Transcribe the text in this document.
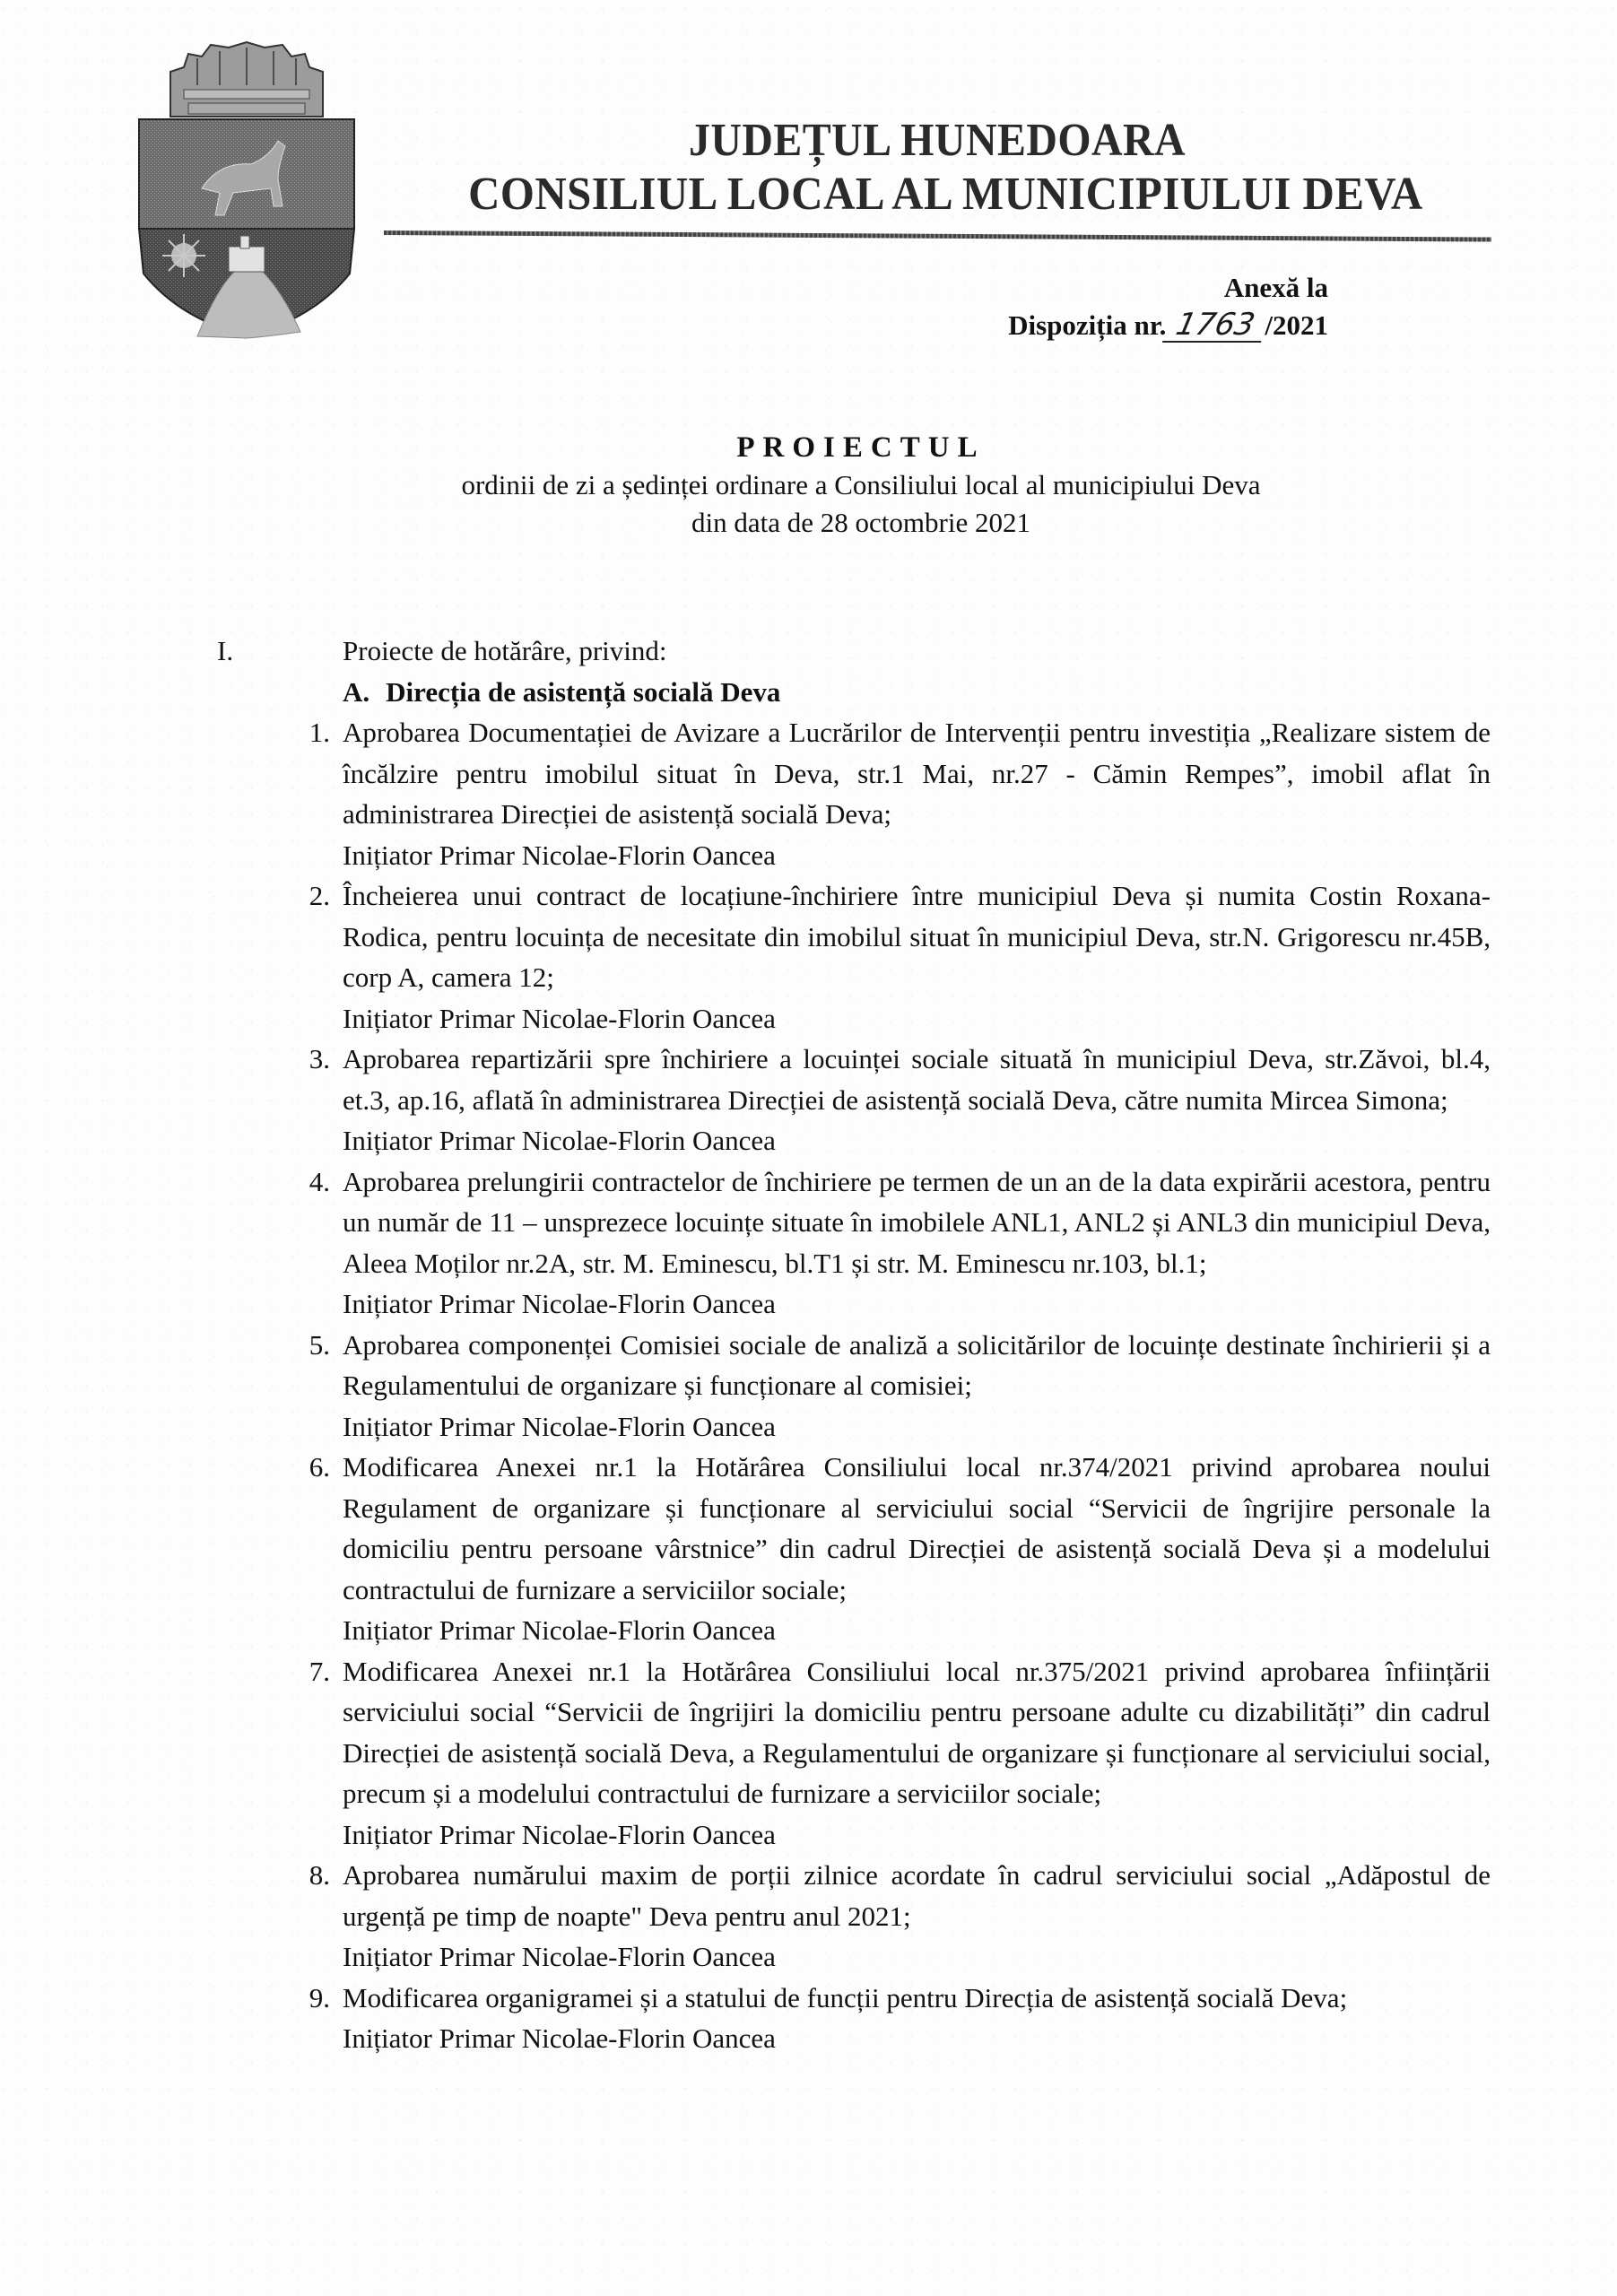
JUDEȚUL HUNEDOARA
CONSILIUL LOCAL AL MUNICIPIULUI DEVA
Anexă la
Dispoziția nr. 1763 /2021
PROIECTUL
ordinii de zi a ședinței ordinare a Consiliului local al municipiului Deva
din data de 28 octombrie 2021
I.	Proiecte de hotărâre, privind:
A. Direcția de asistență socială Deva
1. Aprobarea Documentației de Avizare a Lucrărilor de Intervenții pentru investiția „Realizare sistem de încălzire pentru imobilul situat în Deva, str.1 Mai, nr.27 - Cămin Rempes”, imobil aflat în administrarea Direcției de asistență socială Deva;
Inițiator Primar Nicolae-Florin Oancea
2. Încheierea unui contract de locațiune-închiriere între municipiul Deva și numita Costin Roxana-Rodica, pentru locuința de necesitate din imobilul situat în municipiul Deva, str.N. Grigorescu nr.45B, corp A, camera 12;
Inițiator Primar Nicolae-Florin Oancea
3. Aprobarea repartizării spre închiriere a locuinței sociale situată în municipiul Deva, str.Zăvoi, bl.4, et.3, ap.16, aflată în administrarea Direcției de asistență socială Deva, către numita Mircea Simona;
Inițiator Primar Nicolae-Florin Oancea
4. Aprobarea prelungirii contractelor de închiriere pe termen de un an de la data expirării acestora, pentru un număr de 11 – unsprezece locuințe situate în imobilele ANL1, ANL2 și ANL3 din municipiul Deva, Aleea Moților nr.2A, str. M. Eminescu, bl.T1 și str. M. Eminescu nr.103, bl.1;
Inițiator Primar Nicolae-Florin Oancea
5. Aprobarea componenței Comisiei sociale de analiză a solicitărilor de locuințe destinate închirierii și a Regulamentului de organizare și funcționare al comisiei;
Inițiator Primar Nicolae-Florin Oancea
6. Modificarea Anexei nr.1 la Hotărârea Consiliului local nr.374/2021 privind aprobarea noului Regulament de organizare și funcționare al serviciului social “Servicii de îngrijire personale la domiciliu pentru persoane vârstnice” din cadrul Direcției de asistență socială Deva și a modelului contractului de furnizare a serviciilor sociale;
Inițiator Primar Nicolae-Florin Oancea
7. Modificarea Anexei nr.1 la Hotărârea Consiliului local nr.375/2021 privind aprobarea înființării serviciului social “Servicii de îngrijiri la domiciliu pentru persoane adulte cu dizabilități” din cadrul Direcției de asistență socială Deva, a Regulamentului de organizare și funcționare al serviciului social, precum și a modelului contractului de furnizare a serviciilor sociale;
Inițiator Primar Nicolae-Florin Oancea
8. Aprobarea numărului maxim de porții zilnice acordate în cadrul serviciului social „Adăpostul de urgență pe timp de noapte" Deva pentru anul 2021;
Inițiator Primar Nicolae-Florin Oancea
9. Modificarea organigramei și a statului de funcții pentru Direcția de asistență socială Deva;
Inițiator Primar Nicolae-Florin Oancea
